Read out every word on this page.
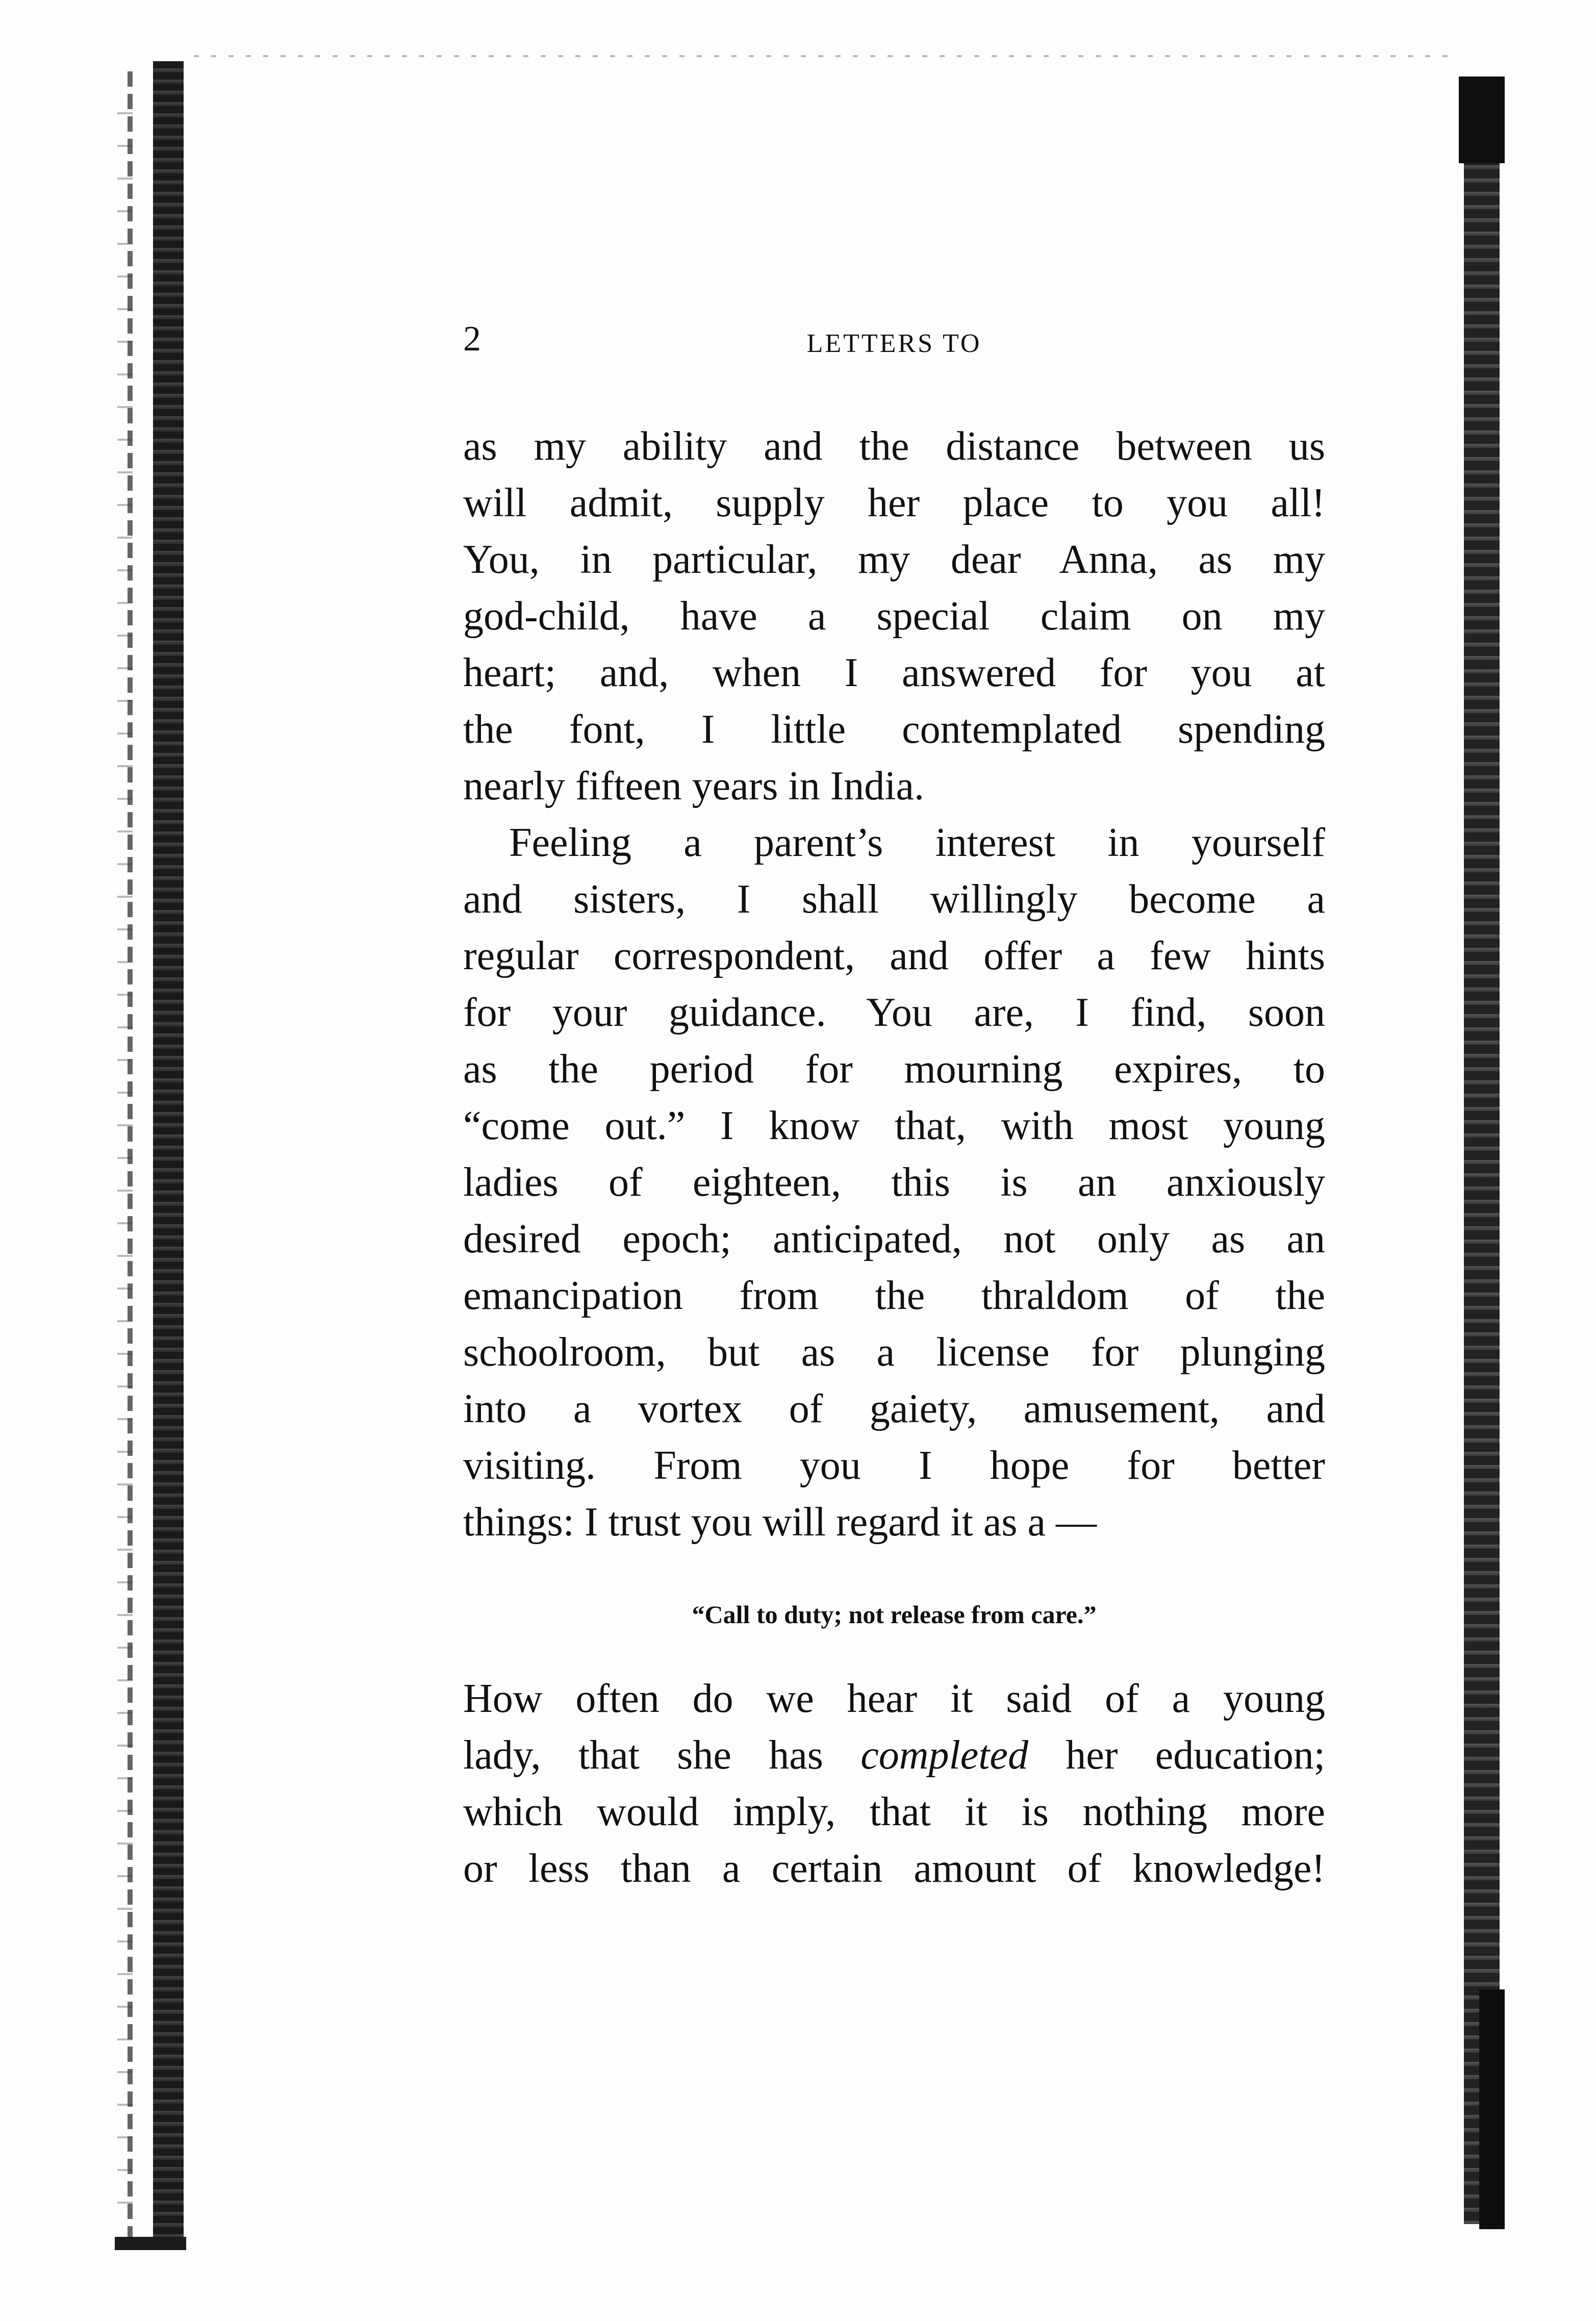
2	LETTERS TO
as my ability and the distance between us
will admit, supply her place to you all!
You, in particular, my dear Anna, as my
god-child, have a special claim on my
heart; and, when I answered for you at
the font, I little contemplated spending
nearly fifteen years in India.
Feeling a parent’s interest in yourself
and sisters, I shall willingly become a
regular correspondent, and offer a few hints
for your guidance. You are, I find, soon
as the period for mourning expires, to
“come out.” I know that, with most young
ladies of eighteen, this is an anxiously
desired epoch; anticipated, not only as an
emancipation from the thraldom of the
schoolroom, but as a license for plunging
into a vortex of gaiety, amusement, and
visiting. From you I hope for better
things: I trust you will regard it as a —
“Call to duty; not release from care.”
How often do we hear it said of a young
lady, that she has completed her education;
which would imply, that it is nothing more
or less than a certain amount of knowledge!
